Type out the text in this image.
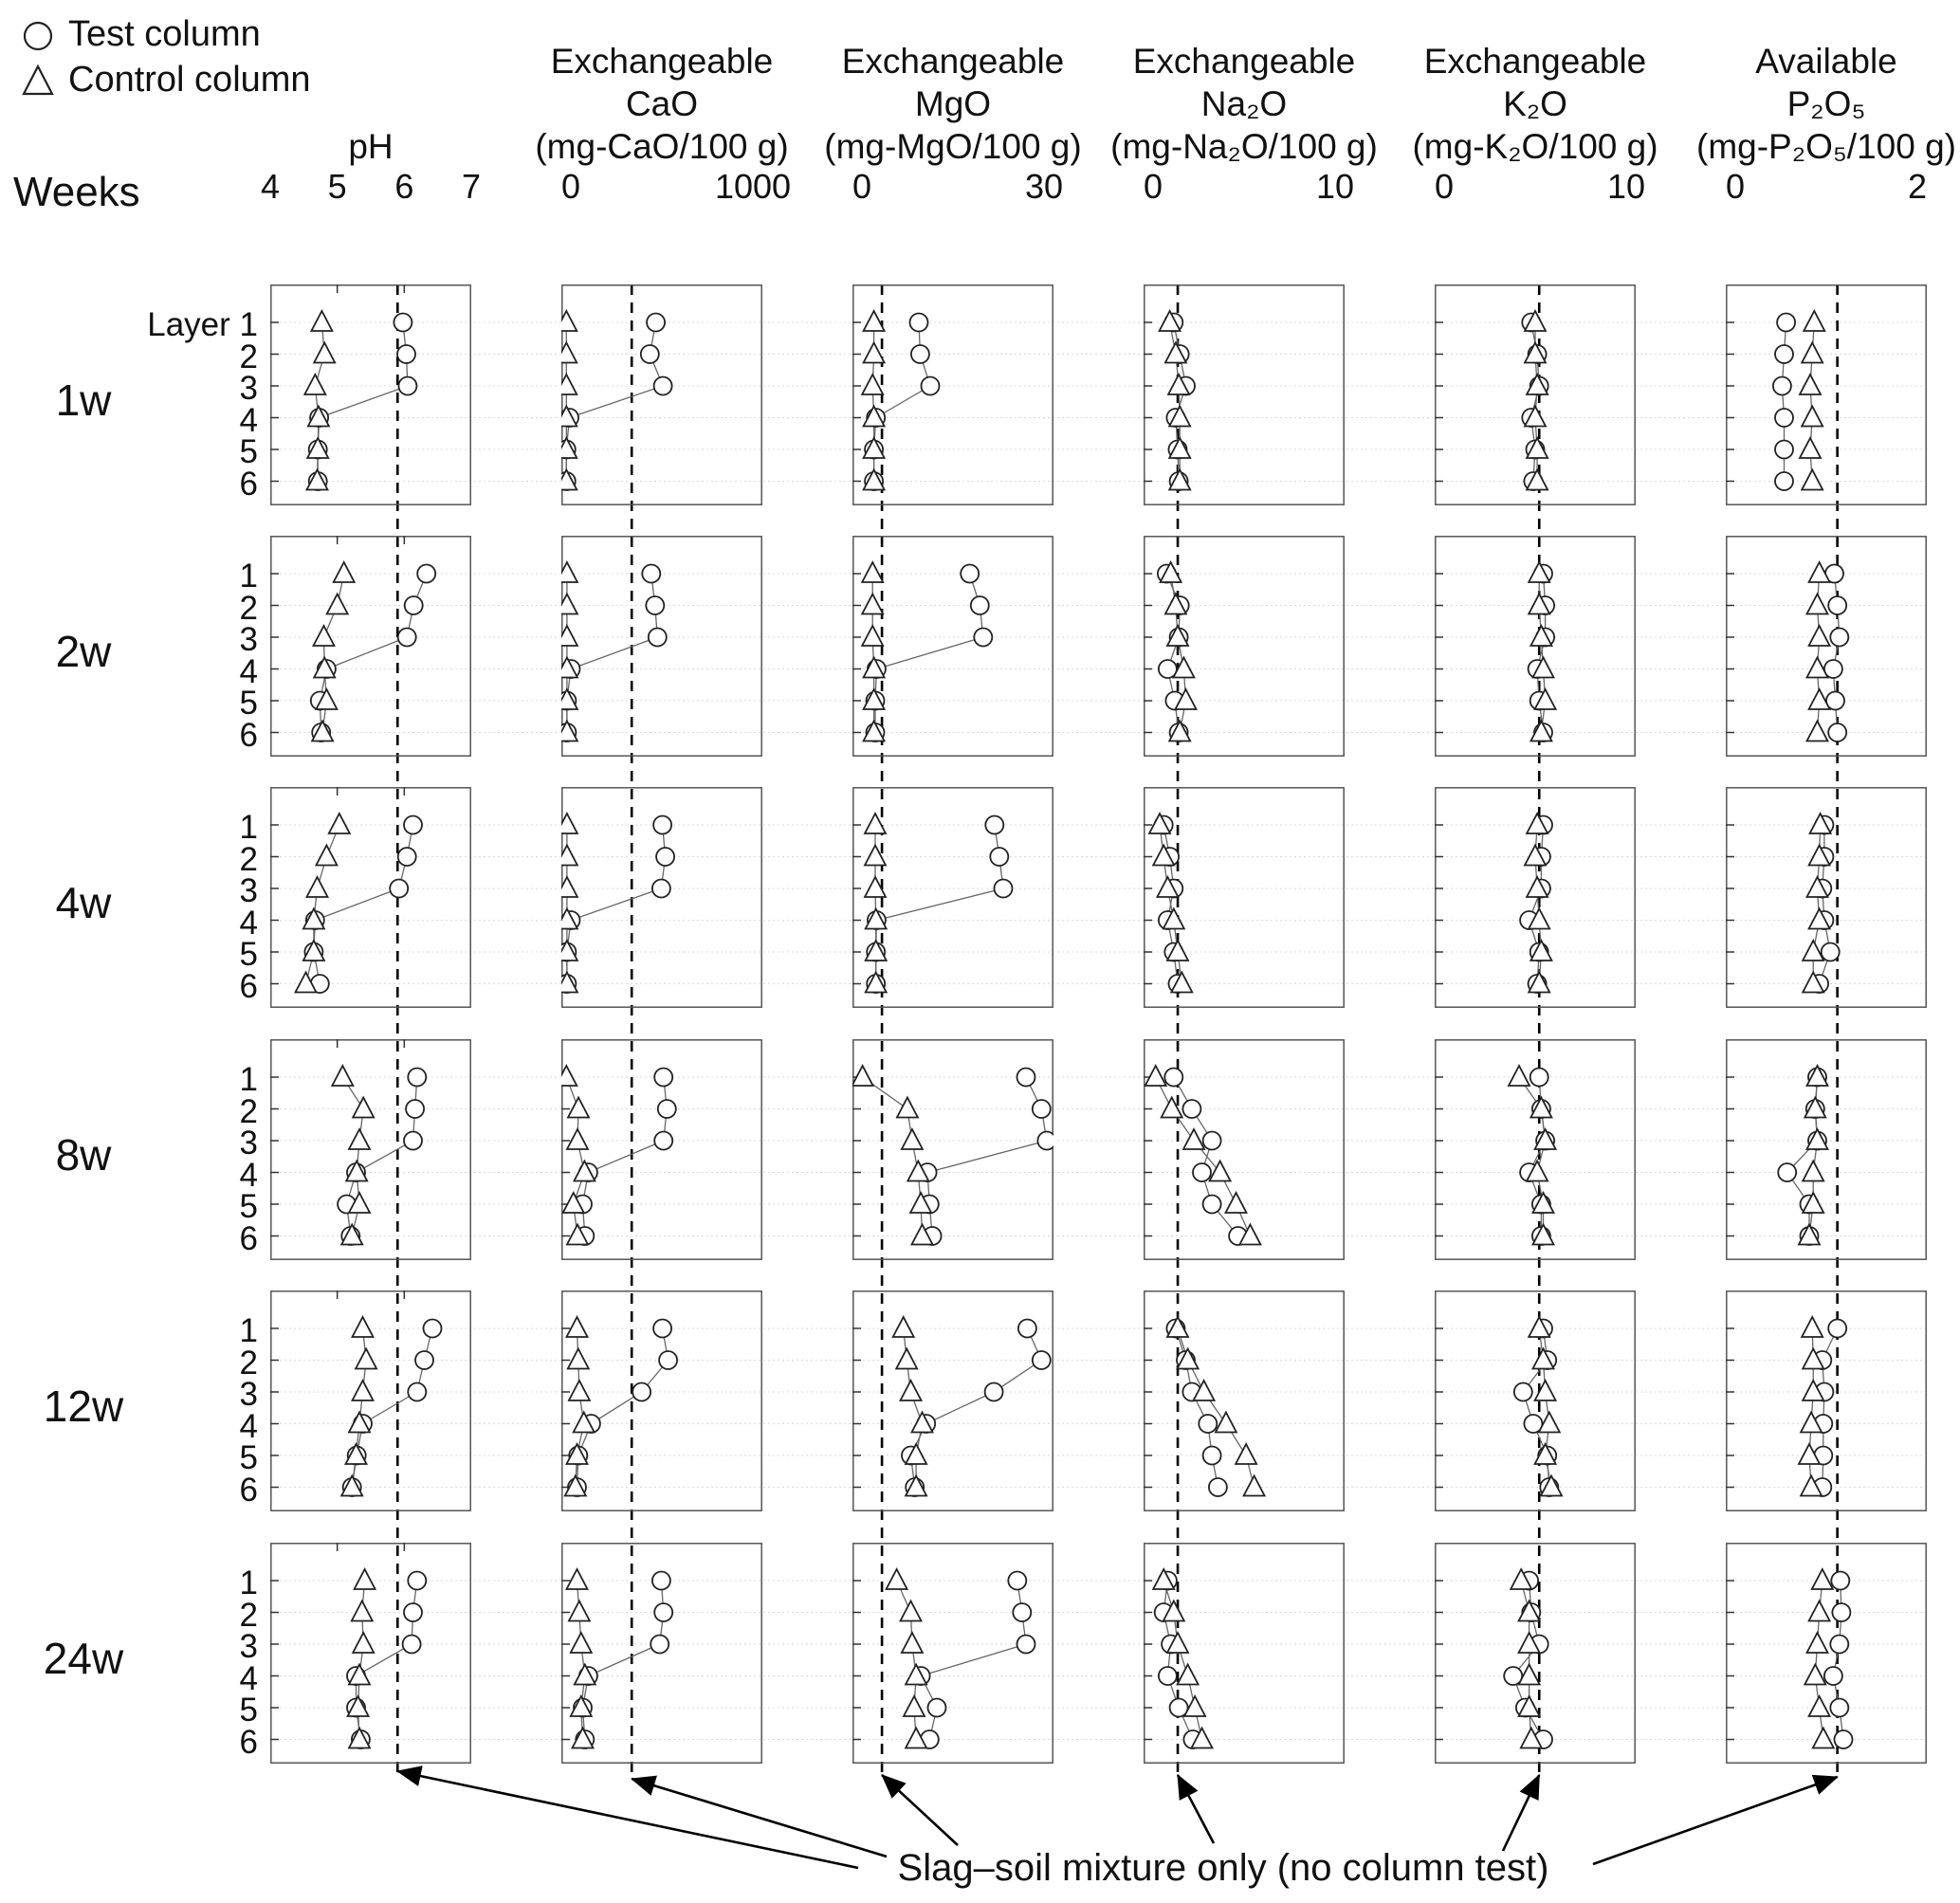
Test column
Control column
Weeks
pH
Exchangeable
CaO
(mg-CaO/100 g)
Exchangeable
MgO
(mg-MgO/100 g)
Exchangeable
Na₂O
(mg-Na₂O/100 g)
Exchangeable
K₂O
(mg-K₂O/100 g)
Available
P₂O₅
(mg-P₂O₅/100 g)
4 5 6 7 0	1000 0	30 0	10 0	10 0	2
1w
2w
4w
8w
12w
24w
Layer 1
2
3
4
5
6
1
2
3
4
5
6
1
2
3
4
5
6
1
2
3
4
5
6
1
2
3
4
5
6
1
2
3
4
5
6
Slag–soil mixture only (no column test)
